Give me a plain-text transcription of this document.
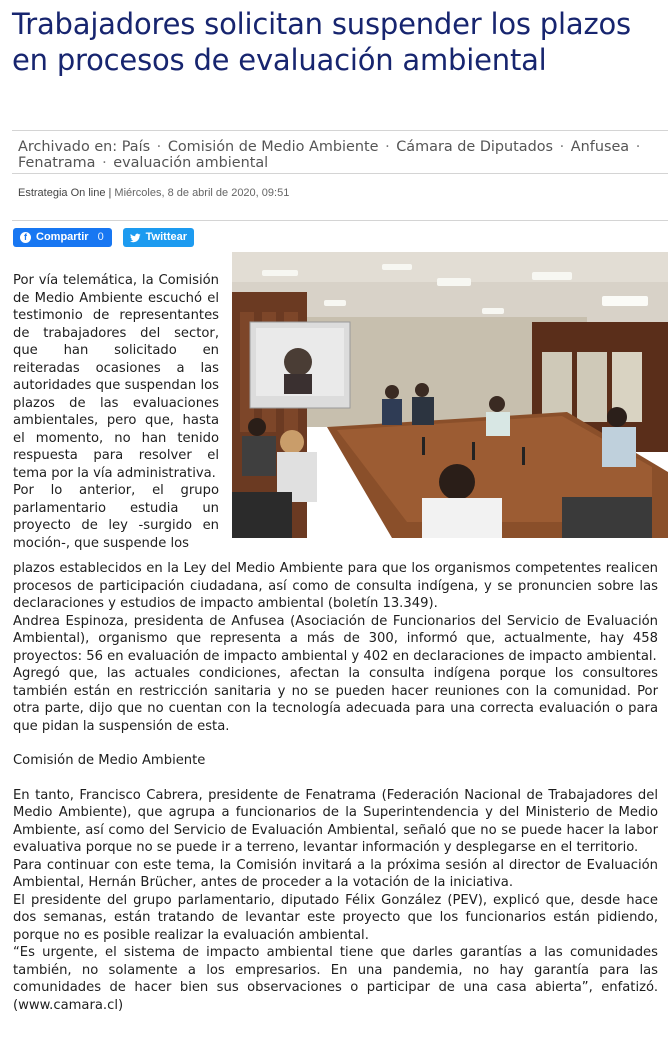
Trabajadores solicitan suspender los plazos en procesos de evaluación ambiental
Archivado en: País · Comisión de Medio Ambiente · Cámara de Diputados · Anfusea · Fenatrama · evaluación ambiental
Estrategia On line | Miércoles, 8 de abril de 2020, 09:51
f Compartir 0	Twittear

Por vía telemática, la Comisión de Medio Ambiente escuchó el testimonio de representantes de trabajadores del sector, que han solicitado en reiteradas ocasiones a las autoridades que suspendan los plazos de las evaluaciones ambientales, pero que, hasta el momento, no han tenido respuesta para resolver el tema por la vía administrativa.

Por lo anterior, el grupo parlamentario estudia un proyecto de ley -surgido en moción-, que suspende los

plazos establecidos en la Ley del Medio Ambiente para que los organismos competentes realicen procesos de participación ciudadana, así como de consulta indígena, y se pronuncien sobre las declaraciones y estudios de impacto ambiental (boletín 13.349).

Andrea Espinoza, presidenta de Anfusea (Asociación de Funcionarios del Servicio de Evaluación Ambiental), organismo que representa a más de 300, informó que, actualmente, hay 458 proyectos: 56 en evaluación de impacto ambiental y 402 en declaraciones de impacto ambiental.

Agregó que, las actuales condiciones, afectan la consulta indígena porque los consultores también están en restricción sanitaria y no se pueden hacer reuniones con la comunidad. Por otra parte, dijo que no cuentan con la tecnología adecuada para una correcta evaluación o para que pidan la suspensión de esta.

Comisión de Medio Ambiente

En tanto, Francisco Cabrera, presidente de Fenatrama (Federación Nacional de Trabajadores del Medio Ambiente), que agrupa a funcionarios de la Superintendencia y del Ministerio de Medio Ambiente, así como del Servicio de Evaluación Ambiental, señaló que no se puede hacer la labor evaluativa porque no se puede ir a terreno, levantar información y desplegarse en el territorio.

Para continuar con este tema, la Comisión invitará a la próxima sesión al director de Evaluación Ambiental, Hernán Brücher, antes de proceder a la votación de la iniciativa.

El presidente del grupo parlamentario, diputado Félix González (PEV), explicó que, desde hace dos semanas, están tratando de levantar este proyecto que los funcionarios están pidiendo, porque no es posible realizar la evaluación ambiental.

“Es urgente, el sistema de impacto ambiental tiene que darles garantías a las comunidades también, no solamente a los empresarios. En una pandemia, no hay garantía para las comunidades de hacer bien sus observaciones o participar de una casa abierta”, enfatizó. (www.camara.cl)
